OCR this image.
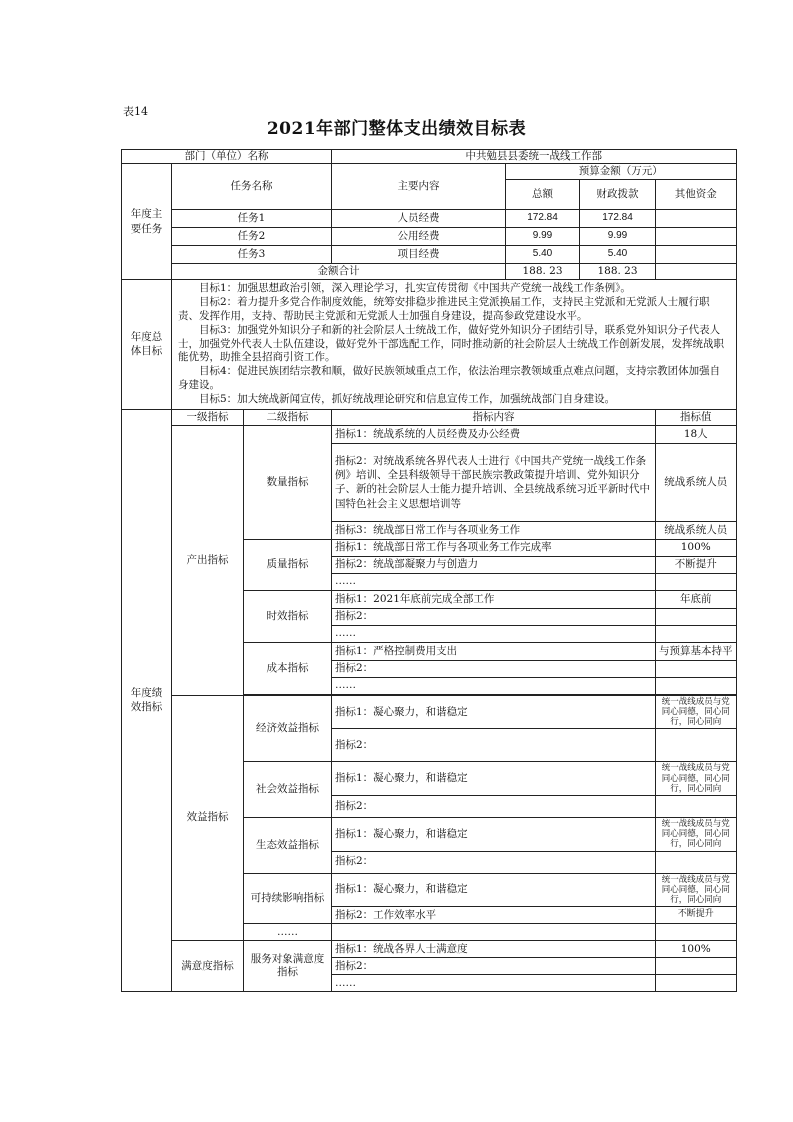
表14
2021年部门整体支出绩效目标表
部门（单位）名称			中共勉县县委统一战线工作部			
年度主要任务	任务名称		主要内容	预算金额（万元）		
				总额	财政拨款	其他资金
	任务1		人员经费	172.84	172.84	
	任务2		公用经费	9.99	9.99	
	任务3		项目经费	5.40	5.40	
	金额合计			188. 23	188. 23	
年度总体目标	目标1：加强思想政治引领，深入理论学习，扎实宣传贯彻《中国共产党统一战线工作条例》。
目标2：着力提升多党合作制度效能，统筹安排稳步推进民主党派换届工作，支持民主党派和无党派人士履行职责、发挥作用，支持、帮助民主党派和无党派人士加强自身建设，提高参政党建设水平。
目标3：加强党外知识分子和新的社会阶层人士统战工作，做好党外知识分子团结引导，联系党外知识分子代表人士，加强党外代表人士队伍建设，做好党外干部选配工作，同时推动新的社会阶层人士统战工作创新发展，发挥统战职能优势，助推全县招商引资工作。
目标4：促进民族团结宗教和顺，做好民族领域重点工作，依法治理宗教领域重点难点问题，支持宗教团体加强自身建设。
目标5：加大统战新闻宣传，抓好统战理论研究和信息宣传工作，加强统战部门自身建设。					

年度绩效指标	一级指标	二级指标	指标内容			指标值
	产出指标	数量指标	指标1：统战系统的人员经费及办公经费			18人
			指标2：对统战系统各界代表人士进行《中国共产党统一战线工作条例》培训、全县科级领导干部民族宗教政策提升培训、党外知识分子、新的社会阶层人士能力提升培训、全县统战系统习近平新时代中国特色社会主义思想培训等			统战系统人员
			指标3：统战部日常工作与各项业务工作			统战系统人员
		质量指标	指标1：统战部日常工作与各项业务工作完成率			100%
			指标2：统战部凝聚力与创造力			不断提升
			……			
		时效指标	指标1：2021年底前完成全部工作			年底前
			指标2：			
			……			
		成本指标	指标1：严格控制费用支出			与预算基本持平
			指标2：			
			……			

	效益指标	经济效益指标	指标1：凝心聚力，和谐稳定			统一战线成员与党同心同德，同心同行，同心同向
			指标2：			
		社会效益指标	指标1：凝心聚力，和谐稳定			统一战线成员与党同心同德，同心同行，同心同向
			指标2：			
		生态效益指标	指标1：凝心聚力，和谐稳定			统一战线成员与党同心同德，同心同行，同心同向
			指标2：			
		可持续影响指标	指标1：凝心聚力，和谐稳定			统一战线成员与党同心同德，同心同行，同心同向
			指标2：工作效率水平			不断提升
		……				
	满意度指标	服务对象满意度指标	指标1：统战各界人士满意度			100%
			指标2：			
			……			
